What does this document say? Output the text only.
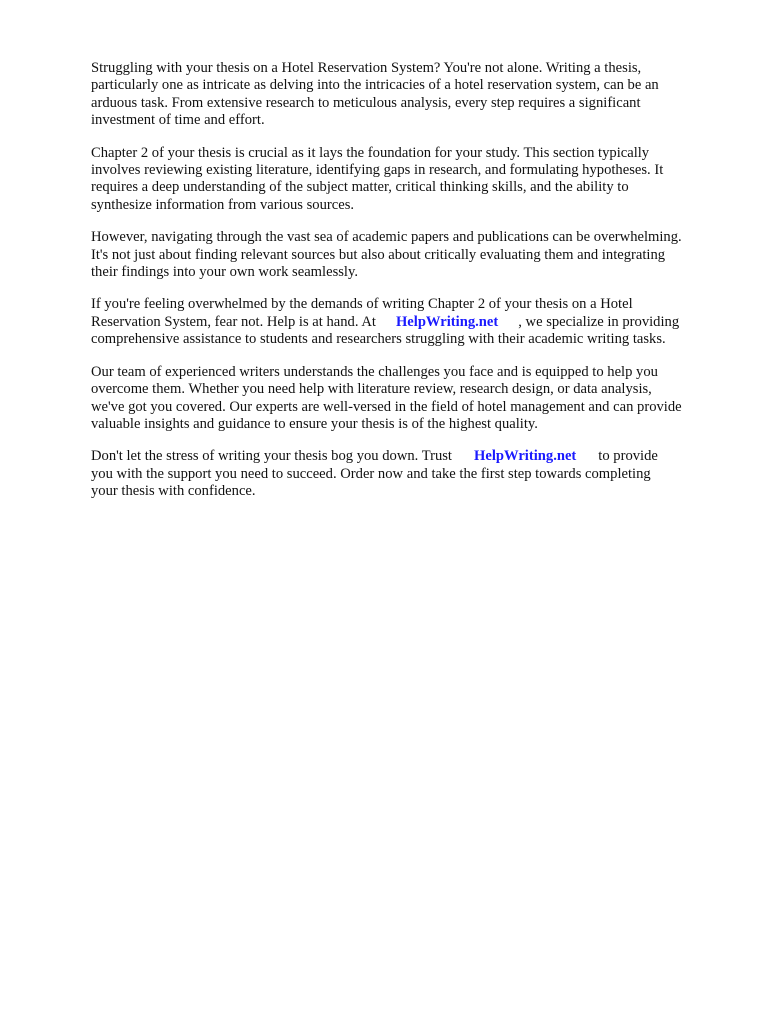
Struggling with your thesis on a Hotel Reservation System? You're not alone. Writing a thesis,
particularly one as intricate as delving into the intricacies of a hotel reservation system, can be an
arduous task. From extensive research to meticulous analysis, every step requires a significant
investment of time and effort.

Chapter 2 of your thesis is crucial as it lays the foundation for your study. This section typically
involves reviewing existing literature, identifying gaps in research, and formulating hypotheses. It
requires a deep understanding of the subject matter, critical thinking skills, and the ability to
synthesize information from various sources.

However, navigating through the vast sea of academic papers and publications can be overwhelming.
It's not just about finding relevant sources but also about critically evaluating them and integrating
their findings into your own work seamlessly.

If you're feeling overwhelmed by the demands of writing Chapter 2 of your thesis on a Hotel
Reservation System, fear not. Help is at hand. At HelpWriting.net , we specialize in providing
comprehensive assistance to students and researchers struggling with their academic writing tasks.

Our team of experienced writers understands the challenges you face and is equipped to help you
overcome them. Whether you need help with literature review, research design, or data analysis,
we've got you covered. Our experts are well-versed in the field of hotel management and can provide
valuable insights and guidance to ensure your thesis is of the highest quality.

Don't let the stress of writing your thesis bog you down. Trust HelpWriting.net to provide
you with the support you need to succeed. Order now and take the first step towards completing
your thesis with confidence.
